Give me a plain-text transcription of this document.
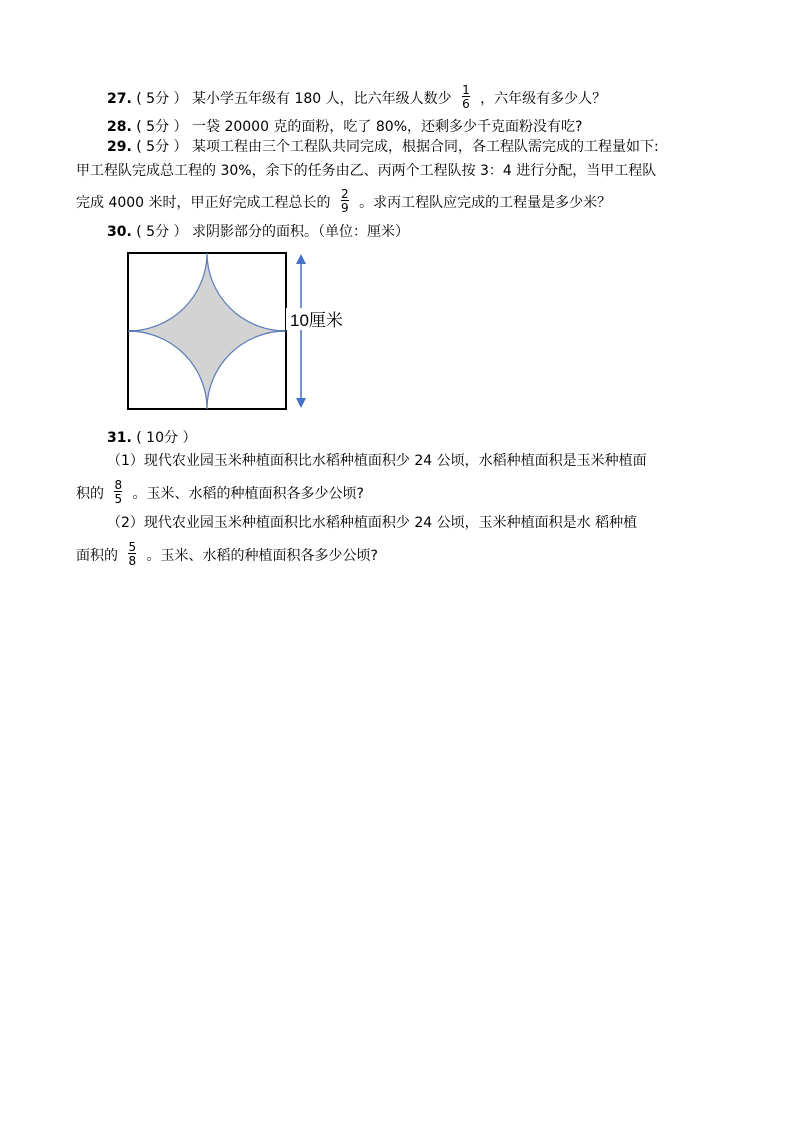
27. ( 5分 ） 某小学五年级有 180 人，比六年级人数少 $\frac{1}{6}$ ，六年级有多少人？
28. ( 5分 ） 一袋 20000 克的面粉，吃了 80%，还剩多少千克面粉没有吃?
29. ( 5分 ） 某项工程由三个工程队共同完成，根据合同，各工程队需完成的工程量如下:
甲工程队完成总工程的 30%，余下的任务由乙、丙两个工程队按 3：4 进行分配，当甲工程队
完成 4000 米时，甲正好完成工程总长的 $\frac{2}{9}$ 。求丙工程队应完成的工程量是多少米？
30. ( 5分 ） 求阴影部分的面积。（单位：厘米）
10厘米
31. ( 10分 ）
（1）现代农业园玉米种植面积比水稻种植面积少 24 公顷，水稻种植面积是玉米种植面
积的 $\frac{8}{5}$ 。玉米、水稻的种植面积各多少公顷?
（2）现代农业园玉米种植面积比水稻种植面积少 24 公顷，玉米种植面积是水 稻种植
面积的 $\frac{5}{8}$ 。玉米、水稻的种植面积各多少公顷?
